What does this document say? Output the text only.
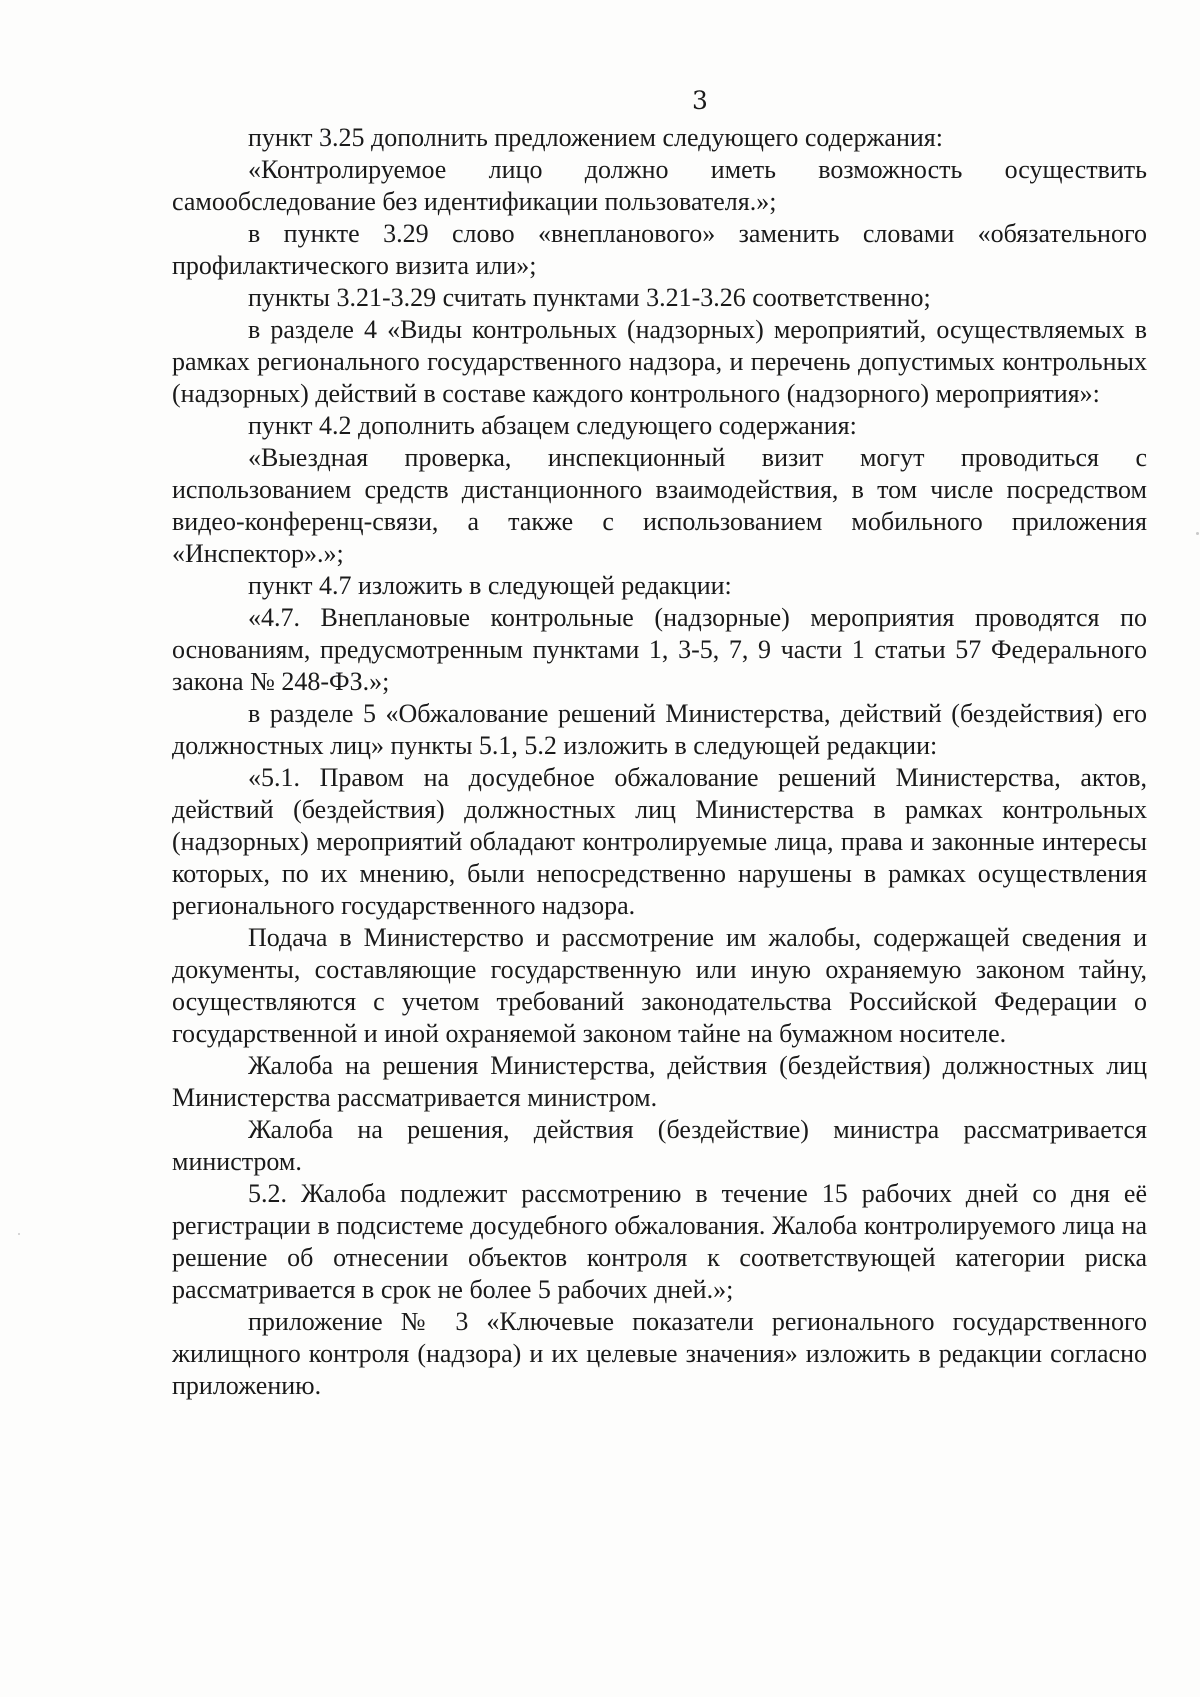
3

пункт 3.25 дополнить предложением следующего содержания:

«Контролируемое лицо должно иметь возможность осуществить самообследование без идентификации пользователя.»;

в пункте 3.29 слово «внепланового» заменить словами «обязательного профилактического визита или»;

пункты 3.21-3.29 считать пунктами 3.21-3.26 соответственно;

в разделе 4 «Виды контрольных (надзорных) мероприятий, осуществляемых в рамках регионального государственного надзора, и перечень допустимых контрольных (надзорных) действий в составе каждого контрольного (надзорного) мероприятия»:

пункт 4.2 дополнить абзацем следующего содержания:

«Выездная проверка, инспекционный визит могут проводиться с использованием средств дистанционного взаимодействия, в том числе посредством видео-конференц-связи, а также с использованием мобильного приложения «Инспектор».»;

пункт 4.7 изложить в следующей редакции:

«4.7. Внеплановые контрольные (надзорные) мероприятия проводятся по основаниям, предусмотренным пунктами 1, 3-5, 7, 9 части 1 статьи 57 Федерального закона № 248-ФЗ.»;

в разделе 5 «Обжалование решений Министерства, действий (бездействия) его должностных лиц» пункты 5.1, 5.2 изложить в следующей редакции:

«5.1. Правом на досудебное обжалование решений Министерства, актов, действий (бездействия) должностных лиц Министерства в рамках контрольных (надзорных) мероприятий обладают контролируемые лица, права и законные интересы которых, по их мнению, были непосредственно нарушены в рамках осуществления регионального государственного надзора.

Подача в Министерство и рассмотрение им жалобы, содержащей сведения и документы, составляющие государственную или иную охраняемую законом тайну, осуществляются с учетом требований законодательства Российской Федерации о государственной и иной охраняемой законом тайне на бумажном носителе.

Жалоба на решения Министерства, действия (бездействия) должностных лиц Министерства рассматривается министром.

Жалоба на решения, действия (бездействие) министра рассматривается министром.

5.2. Жалоба подлежит рассмотрению в течение 15 рабочих дней со дня её регистрации в подсистеме досудебного обжалования. Жалоба контролируемого лица на решение об отнесении объектов контроля к соответствующей категории риска рассматривается в срок не более 5 рабочих дней.»;

приложение № 3 «Ключевые показатели регионального государственного жилищного контроля (надзора) и их целевые значения» изложить в редакции согласно приложению.
